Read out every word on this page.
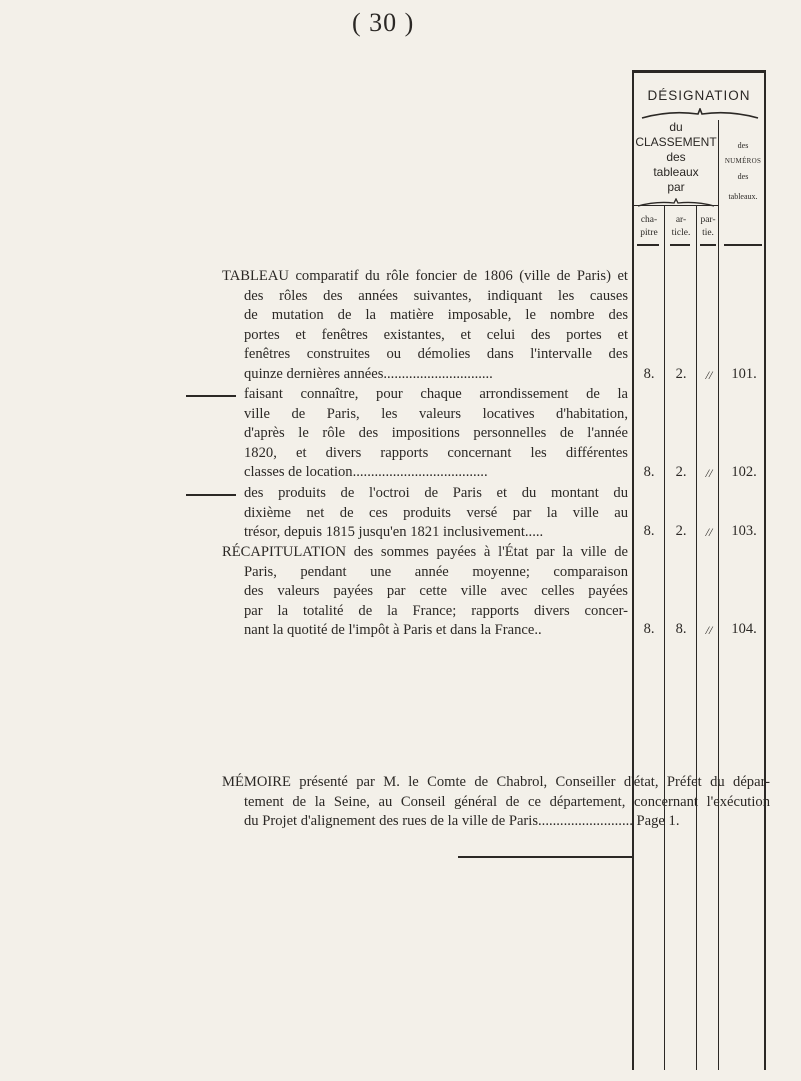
( 30 )
DÉSIGNATION
du
CLASSEMENT
des
tableaux
par
des
NUMÉROS
des
tableaux.
cha-
pitre
ar-
ticle.
par-
tie.
TABLEAU comparatif du rôle foncier de 1806 (ville de Paris) et
des rôles des années suivantes, indiquant les causes
de mutation de la matière imposable, le nombre des
portes et fenêtres existantes, et celui des portes et
fenêtres construites ou démolies dans l'intervalle des
quinze dernières années..............................	8.	2.	//	101.
faisant connaître, pour chaque arrondissement de la
ville de Paris, les valeurs locatives d'habitation,
d'après le rôle des impositions personnelles de l'année
1820, et divers rapports concernant les différentes
classes de location.....................................	8.	2.	//	102.
des produits de l'octroi de Paris et du montant du
dixième net de ces produits versé par la ville au
trésor, depuis 1815 jusqu'en 1821 inclusivement.....	8.	2.	//	103.
RÉCAPITULATION des sommes payées à l'État par la ville de
Paris, pendant une année moyenne; comparaison
des valeurs payées par cette ville avec celles payées
par la totalité de la France; rapports divers concer-
nant la quotité de l'impôt à Paris et dans la France..	8.	8.	//	104.
MÉMOIRE présenté par M. le Comte de Chabrol, Conseiller d'état, Préfet du dépar-
tement de la Seine, au Conseil général de ce département, concernant l'exécution
du Projet d'alignement des rues de la ville de Paris.......................... Page 1.
